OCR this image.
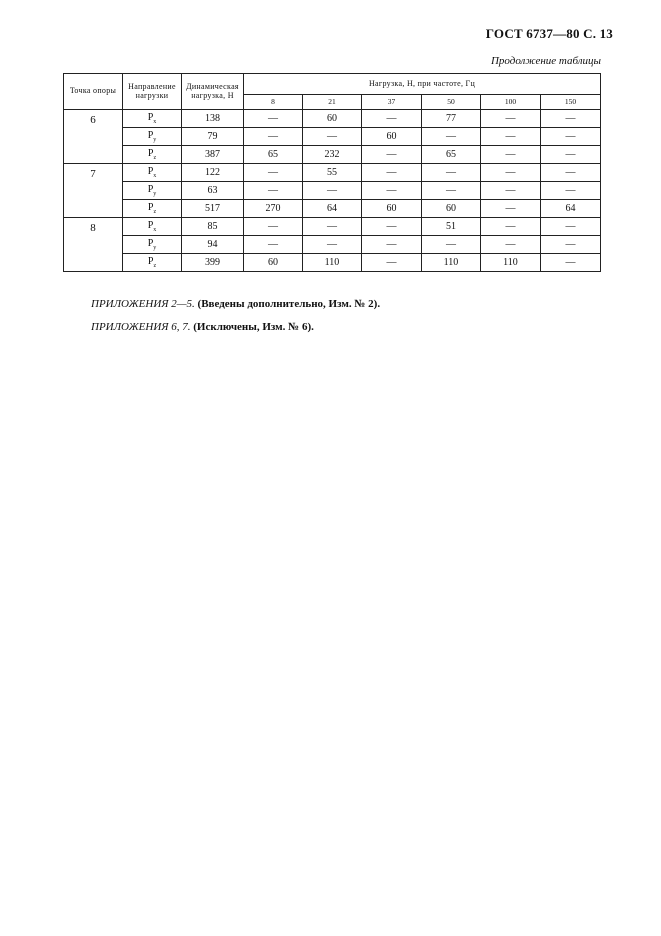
ГОСТ 6737—80 С. 13
Продолжение таблицы
Точка опоры	Направление нагрузки	Динамическая нагрузка, Н	Нагрузка, Н, при частоте, Гц					
			8	21	37	50	100	150
6	$P_x$	138	—	60	—	77	—	—
	$P_y$	79	—	—	60	—	—	—
	$P_z$	387	65	232	—	65	—	—
7	$P_x$	122	—	55	—	—	—	—
	$P_y$	63	—	—	—	—	—	—
	$P_z$	517	270	64	60	60	—	64
8	$P_x$	85	—	—	—	51	—	—
	$P_y$	94	—	—	—	—	—	—
	$P_z$	399	60	110	—	110	110	—
ПРИЛОЖЕНИЯ 2—5. (Введены дополнительно, Изм. № 2).
ПРИЛОЖЕНИЯ 6, 7. (Исключены, Изм. № 6).
